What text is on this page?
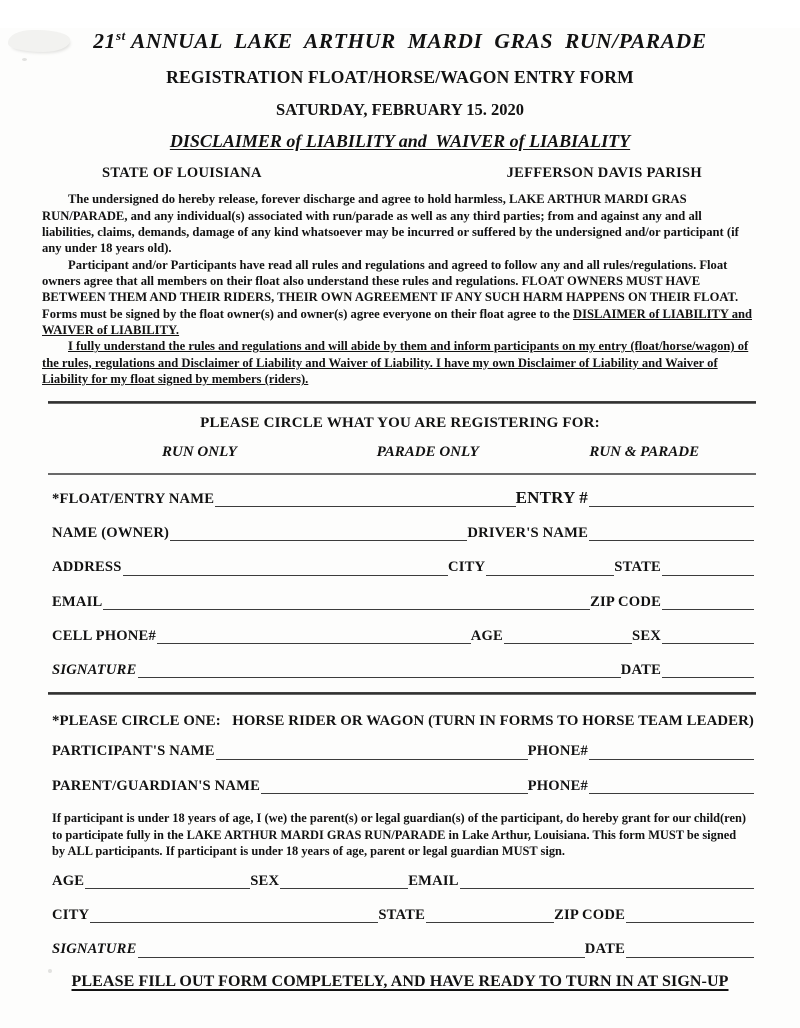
21st ANNUAL  LAKE  ARTHUR  MARDI  GRAS  RUN/PARADE
REGISTRATION FLOAT/HORSE/WAGON ENTRY FORM
SATURDAY, FEBRUARY 15. 2020
DISCLAIMER of LIABILITY and  WAIVER of LIABIALITY
STATE OF LOUISIANA	JEFFERSON DAVIS PARISH

The undersigned do hereby release, forever discharge and agree to hold harmless, LAKE ARTHUR MARDI GRAS RUN/PARADE, and any individual(s) associated with run/parade as well as any third parties; from and against any and all liabilities, claims, demands, damage of any kind whatsoever may be incurred or suffered by the undersigned and/or participant (if any under 18 years old).

Participant and/or Participants have read all rules and regulations and agreed to follow any and all rules/regulations. Float owners agree that all members on their float also understand these rules and regulations. FLOAT OWNERS MUST HAVE BETWEEN THEM AND THEIR RIDERS, THEIR OWN AGREEMENT IF ANY SUCH HARM HAPPENS ON THEIR FLOAT. Forms must be signed by the float owner(s) and owner(s) agree everyone on their float agree to the DISLAIMER of LIABILITY and WAIVER of LIABILITY.

I fully understand the rules and regulations and will abide by them and inform participants on my entry (float/horse/wagon) of the rules, regulations and Disclaimer of Liability and Waiver of Liability. I have my own Disclaimer of Liability and Waiver of Liability for my float signed by members (riders).

PLEASE CIRCLE WHAT YOU ARE REGISTERING FOR:
RUN ONLY	PARADE ONLY	RUN & PARADE
*FLOAT/ENTRY NAME	ENTRY #
NAME (OWNER)	DRIVER'S NAME
ADDRESS	CITY	STATE
EMAIL	ZIP CODE
CELL PHONE#	AGE	SEX
SIGNATURE	DATE
*PLEASE CIRCLE ONE:   HORSE RIDER OR WAGON (TURN IN FORMS TO HORSE TEAM LEADER)
PARTICIPANT'S NAME	PHONE#
PARENT/GUARDIAN'S NAME	PHONE#
If participant is under 18 years of age, I (we) the parent(s) or legal guardian(s) of the participant, do hereby grant for our child(ren) to participate fully in the LAKE ARTHUR MARDI GRAS RUN/PARADE in Lake Arthur, Louisiana. This form MUST be signed by ALL participants. If participant is under 18 years of age, parent or legal guardian MUST sign.
AGE	SEX	EMAIL
CITY	STATE	ZIP CODE
SIGNATURE	DATE
PLEASE FILL OUT FORM COMPLETELY, AND HAVE READY TO TURN IN AT SIGN-UP
